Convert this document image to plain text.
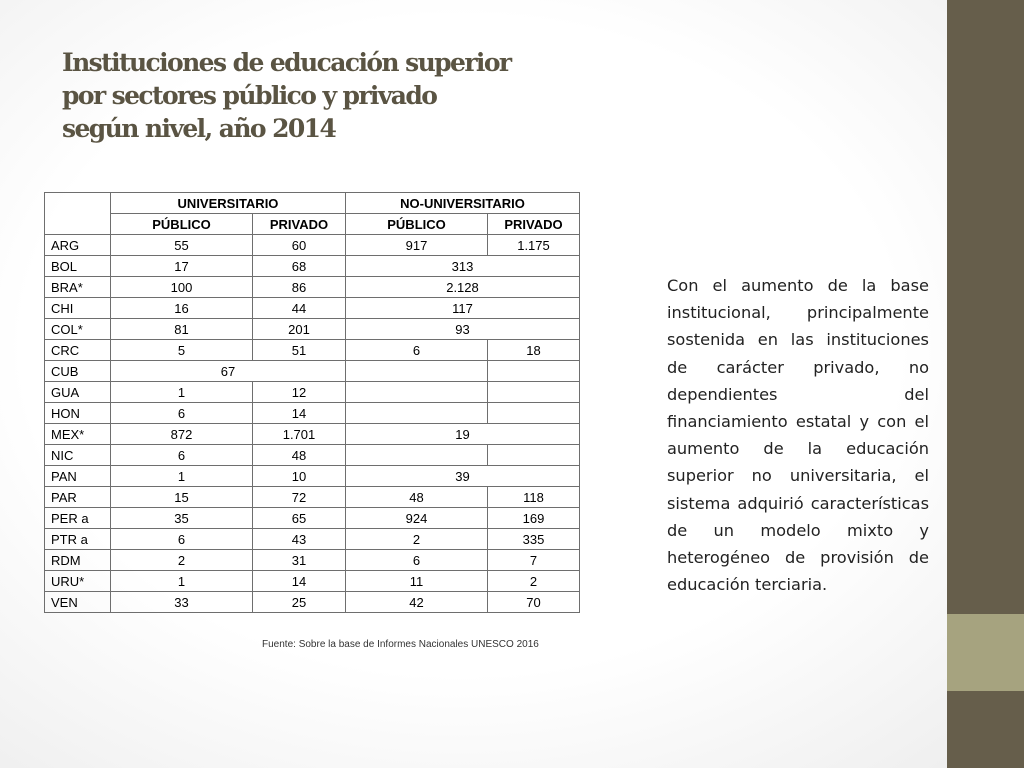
Instituciones de educación superior
por sectores público y privado
según nivel, año 2014
	UNIVERSITARIO		NO-UNIVERSITARIO	
	PÚBLICO	PRIVADO	PÚBLICO	PRIVADO
ARG	55	60	917	1.175
BOL	17	68	313	
BRA*	100	86	2.128	
CHI	16	44	117	
COL*	81	201	93	
CRC	5	51	6	18
CUB	67			
GUA	1	12		
HON	6	14		
MEX*	872	1.701	19	
NIC	6	48		
PAN	1	10	39	
PAR	15	72	48	118
PER a	35	65	924	169
PTR a	6	43	2	335
RDM	2	31	6	7
URU*	1	14	11	2
VEN	33	25	42	70
Fuente: Sobre la base de Informes Nacionales UNESCO 2016

Con el aumento de la base institucional, principalmente sostenida en las instituciones de carácter privado, no dependientes del financiamiento estatal y con el aumento de la educación superior no universitaria, el sistema adquirió características de un modelo mixto y heterogéneo de provisión de educación terciaria.
